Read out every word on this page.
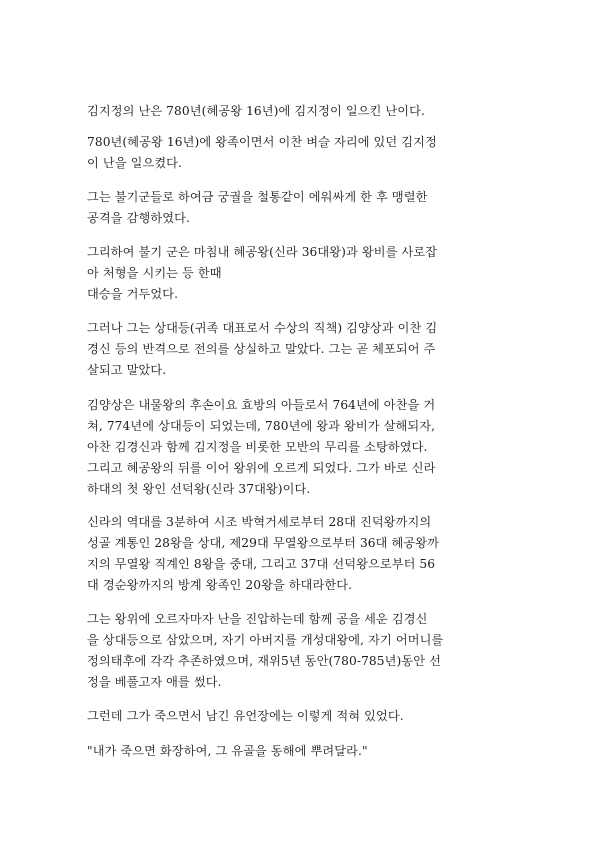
김지정의 난은 780년(혜공왕 16년)에 김지정이 일으킨 난이다.

780년(혜공왕 16년)에 왕족이면서 이찬 벼슬 자리에 있던 김지정
이 난을 일으켰다.

그는 불기군들로 하여금 궁궐을 철통같이 에워싸게 한 후 맹렬한
공격을 감행하였다.

그리하여 불기 군은 마침내 혜공왕(신라 36대왕)과 왕비를 사로잡
아 처형을 시키는 등 한때
대승을 거두었다.

그러나 그는 상대등(귀족 대표로서 수상의 직책) 김양상과 이찬 김
경신 등의 반격으로 전의를 상실하고 말았다. 그는 곧 체포되어 주
살되고 말았다.

김양상은 내물왕의 후손이요 효방의 아들로서 764년에 아찬을 거
쳐, 774년에 상대등이 되었는데, 780년에 왕과 왕비가 살해되자,
아찬 김경신과 함께 김지정을 비롯한 모반의 무리를 소탕하였다.
그리고 혜공왕의 뒤를 이어 왕위에 오르게 되었다. 그가 바로 신라
하대의 첫 왕인 선덕왕(신라 37대왕)이다.

신라의 역대를 3분하여 시조 박혁거세로부터 28대 진덕왕까지의
성골 계통인 28왕을 상대, 제29대 무열왕으로부터 36대 혜공왕까
지의 무열왕 직계인 8왕을 중대, 그리고 37대 선덕왕으로부터 56
대 경순왕까지의 방계 왕족인 20왕을 하대라한다.

그는 왕위에 오르자마자 난을 진압하는데 함께 공을 세운 김경신
을 상대등으로 삼았으며, 자기 아버지를 개성대왕에, 자기 어머니를
정의태후에 각각 추존하였으며, 재위5년 동안(780-785년)동안 선
정을 베풀고자 애를 썼다.

그런데 그가 죽으면서 남긴 유언장에는 이렇게 적혀 있었다.

"내가 죽으면 화장하여, 그 유골을 동해에 뿌려달라."
